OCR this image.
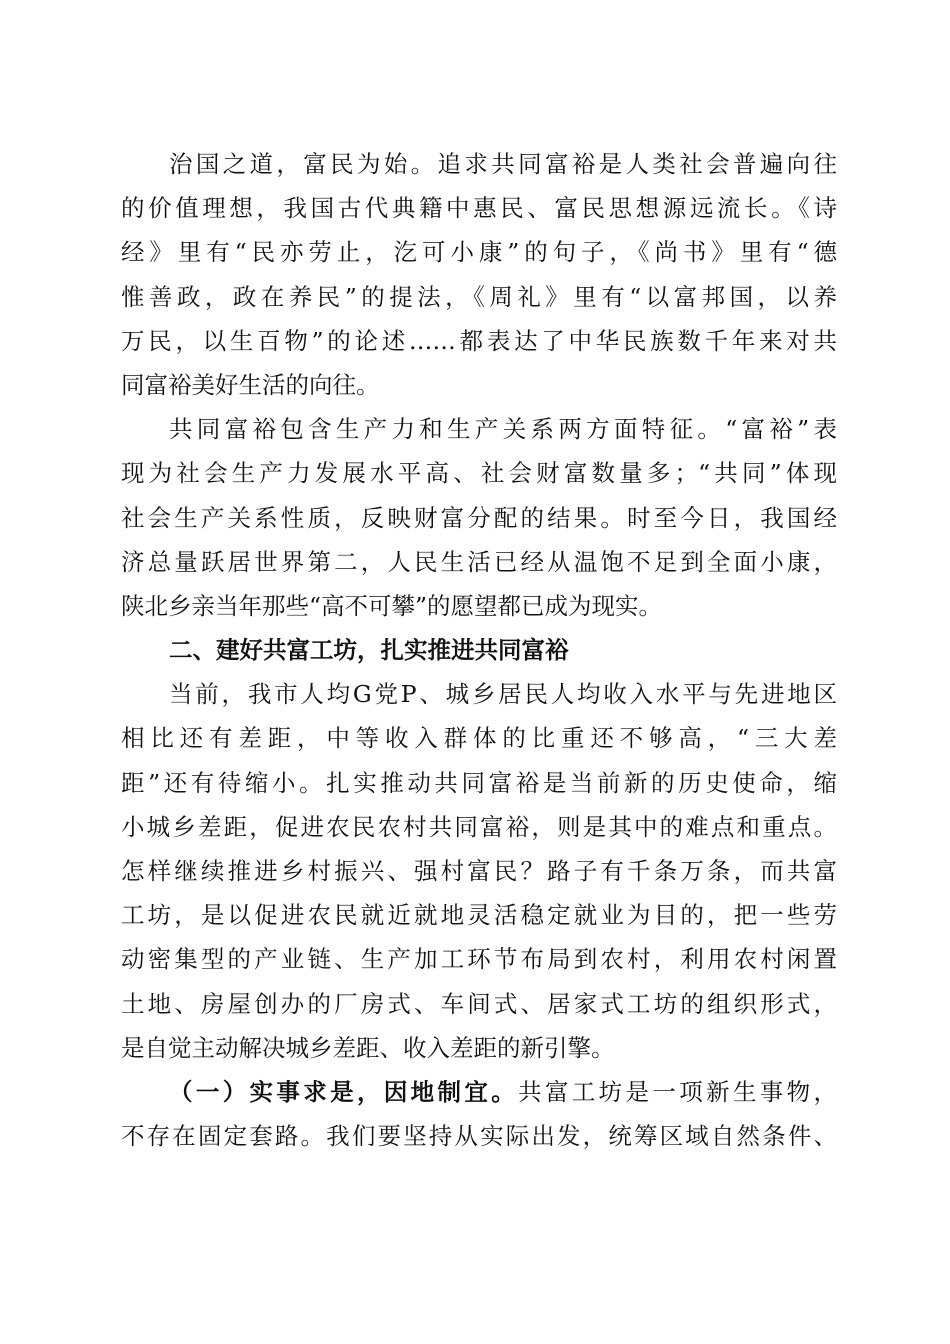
治国之道，富民为始。追求共同富裕是人类社会普遍向往
的价值理想，我国古代典籍中惠民、富民思想源远流长。《诗
经》里有“民亦劳止，汔可小康”的句子，《尚书》里有“德
惟善政，政在养民”的提法，《周礼》里有“以富邦国，以养
万民，以生百物”的论述……都表达了中华民族数千年来对共
同富裕美好生活的向往。
共同富裕包含生产力和生产关系两方面特征。“富裕”表
现为社会生产力发展水平高、社会财富数量多；“共同”体现
社会生产关系性质，反映财富分配的结果。时至今日，我国经
济总量跃居世界第二，人民生活已经从温饱不足到全面小康，
陕北乡亲当年那些“高不可攀”的愿望都已成为现实。
二、建好共富工坊，扎实推进共同富裕
当前，我市人均G党P、城乡居民人均收入水平与先进地区
相比还有差距，中等收入群体的比重还不够高，“三大差
距”还有待缩小。扎实推动共同富裕是当前新的历史使命，缩
小城乡差距，促进农民农村共同富裕，则是其中的难点和重点。
怎样继续推进乡村振兴、强村富民？路子有千条万条，而共富
工坊，是以促进农民就近就地灵活稳定就业为目的，把一些劳
动密集型的产业链、生产加工环节布局到农村，利用农村闲置
土地、房屋创办的厂房式、车间式、居家式工坊的组织形式，
是自觉主动解决城乡差距、收入差距的新引擎。
（一）实事求是，因地制宜。共富工坊是一项新生事物，
不存在固定套路。我们要坚持从实际出发，统筹区域自然条件、
